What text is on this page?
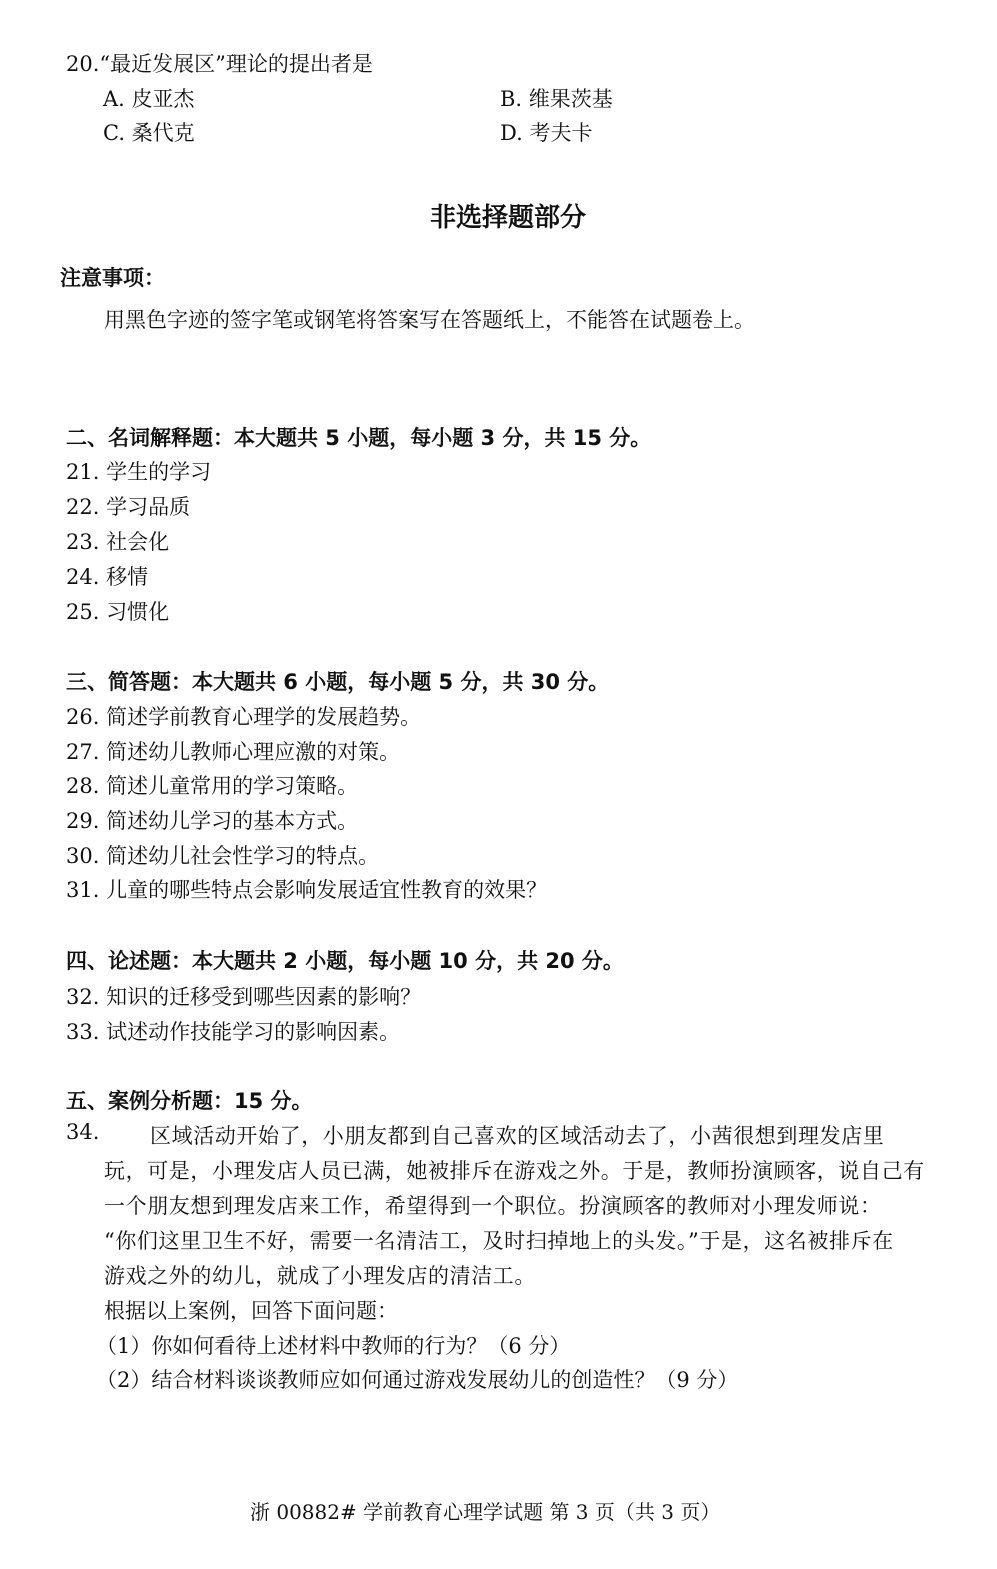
20.“最近发展区”理论的提出者是
A. 皮亚杰	B. 维果茨基
C. 桑代克	D. 考夫卡
非选择题部分
注意事项：
用黑色字迹的签字笔或钢笔将答案写在答题纸上，不能答在试题卷上。
二、名词解释题：本大题共 5 小题，每小题 3 分，共 15 分。
21. 学生的学习
22. 学习品质
23. 社会化
24. 移情
25. 习惯化
三、简答题：本大题共 6 小题，每小题 5 分，共 30 分。
26. 简述学前教育心理学的发展趋势。
27. 简述幼儿教师心理应激的对策。
28. 简述儿童常用的学习策略。
29. 简述幼儿学习的基本方式。
30. 简述幼儿社会性学习的特点。
31. 儿童的哪些特点会影响发展适宜性教育的效果？
四、论述题：本大题共 2 小题，每小题 10 分，共 20 分。
32. 知识的迁移受到哪些因素的影响？
33. 试述动作技能学习的影响因素。
五、案例分析题：15 分。
34. 区域活动开始了，小朋友都到自己喜欢的区域活动去了，小茜很想到理发店里
玩，可是，小理发店人员已满，她被排斥在游戏之外。于是，教师扮演顾客，说自己有
一个朋友想到理发店来工作，希望得到一个职位。扮演顾客的教师对小理发师说：
“你们这里卫生不好，需要一名清洁工，及时扫掉地上的头发。”于是，这名被排斥在
游戏之外的幼儿，就成了小理发店的清洁工。
根据以上案例，回答下面问题：
（1）你如何看待上述材料中教师的行为？（6 分）
（2）结合材料谈谈教师应如何通过游戏发展幼儿的创造性？（9 分）
浙 00882# 学前教育心理学试题 第 3 页（共 3 页）
